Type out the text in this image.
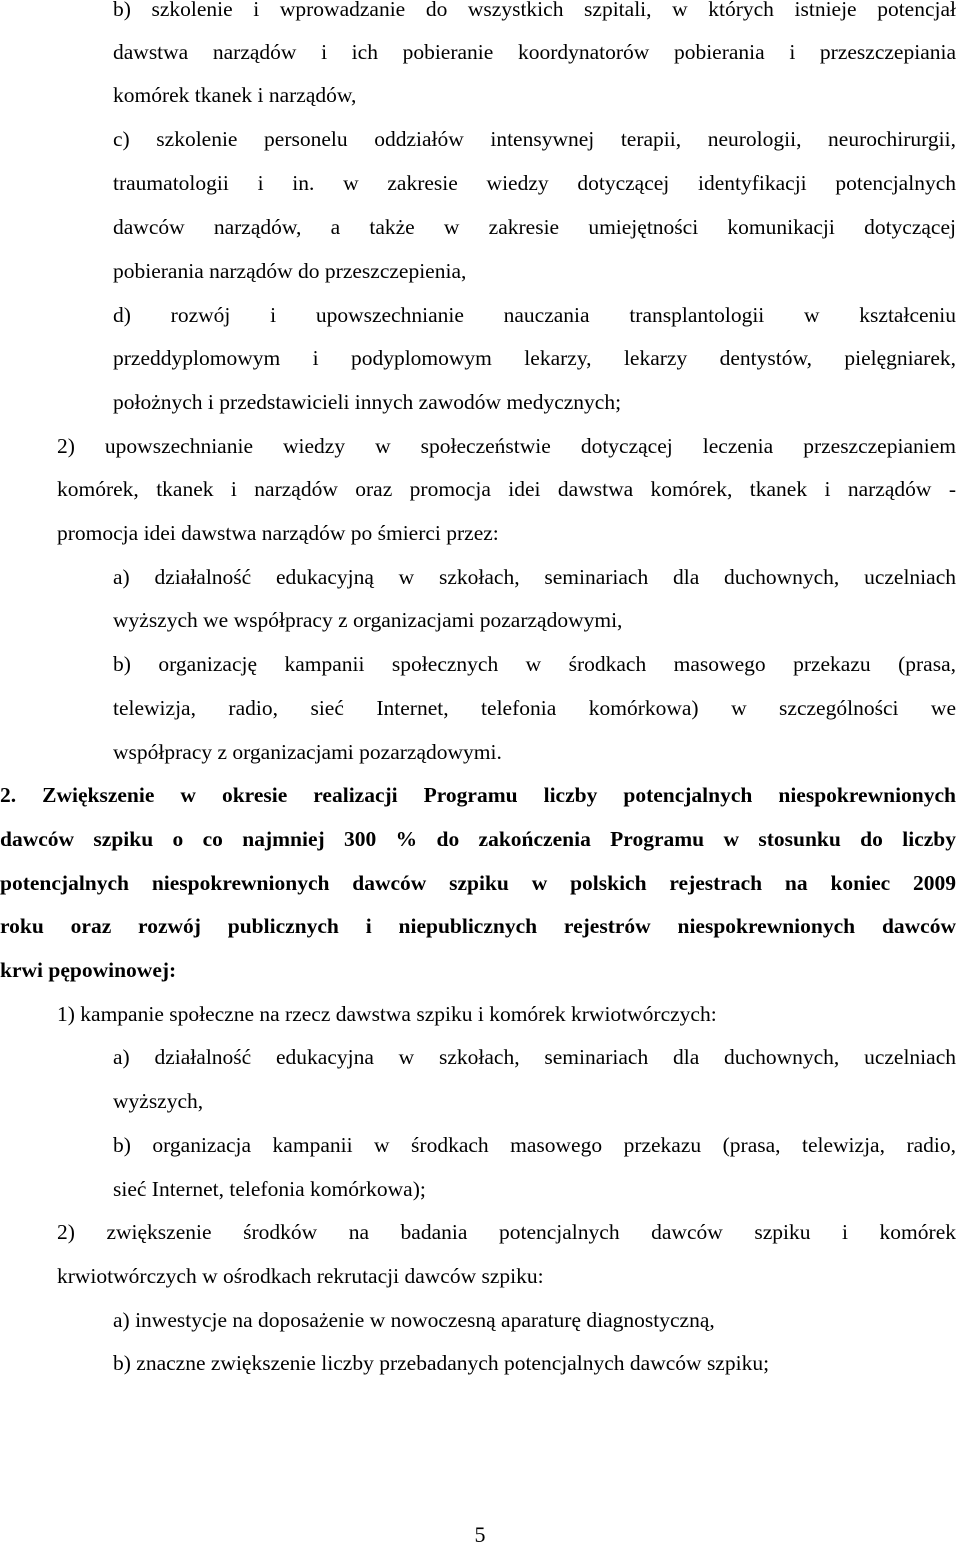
b) szkolenie i wprowadzanie do wszystkich szpitali, w których istnieje potencjał
dawstwa narządów i ich pobieranie koordynatorów pobierania i przeszczepiania
komórek tkanek i narządów,
c) szkolenie personelu oddziałów intensywnej terapii, neurologii, neurochirurgii,
traumatologii i in. w zakresie wiedzy dotyczącej identyfikacji potencjalnych
dawców narządów, a także w zakresie umiejętności komunikacji dotyczącej
pobierania narządów do przeszczepienia,
d) rozwój i upowszechnianie nauczania transplantologii w kształceniu
przeddyplomowym i podyplomowym lekarzy, lekarzy dentystów, pielęgniarek,
położnych i przedstawicieli innych zawodów medycznych;
2) upowszechnianie wiedzy w społeczeństwie dotyczącej leczenia przeszczepianiem
komórek, tkanek i narządów oraz promocja idei dawstwa komórek, tkanek i narządów -
promocja idei dawstwa narządów po śmierci przez:
a) działalność edukacyjną w szkołach, seminariach dla duchownych, uczelniach
wyższych we współpracy z organizacjami pozarządowymi,
b) organizację kampanii społecznych w środkach masowego przekazu (prasa,
telewizja, radio, sieć Internet, telefonia komórkowa) w szczególności we
współpracy z organizacjami pozarządowymi.
2. Zwiększenie w okresie realizacji Programu liczby potencjalnych niespokrewnionych
dawców szpiku o co najmniej 300 % do zakończenia Programu w stosunku do liczby
potencjalnych niespokrewnionych dawców szpiku w polskich rejestrach na koniec 2009
roku oraz rozwój publicznych i niepublicznych rejestrów niespokrewnionych dawców
krwi pępowinowej:
1) kampanie społeczne na rzecz dawstwa szpiku i komórek krwiotwórczych:
a) działalność edukacyjna w szkołach, seminariach dla duchownych, uczelniach
wyższych,
b) organizacja kampanii w środkach masowego przekazu (prasa, telewizja, radio,
sieć Internet, telefonia komórkowa);
2) zwiększenie środków na badania potencjalnych dawców szpiku i komórek
krwiotwórczych w ośrodkach rekrutacji dawców szpiku:
a) inwestycje na doposażenie w nowoczesną aparaturę diagnostyczną,
b) znaczne zwiększenie liczby przebadanych potencjalnych dawców szpiku;
5
